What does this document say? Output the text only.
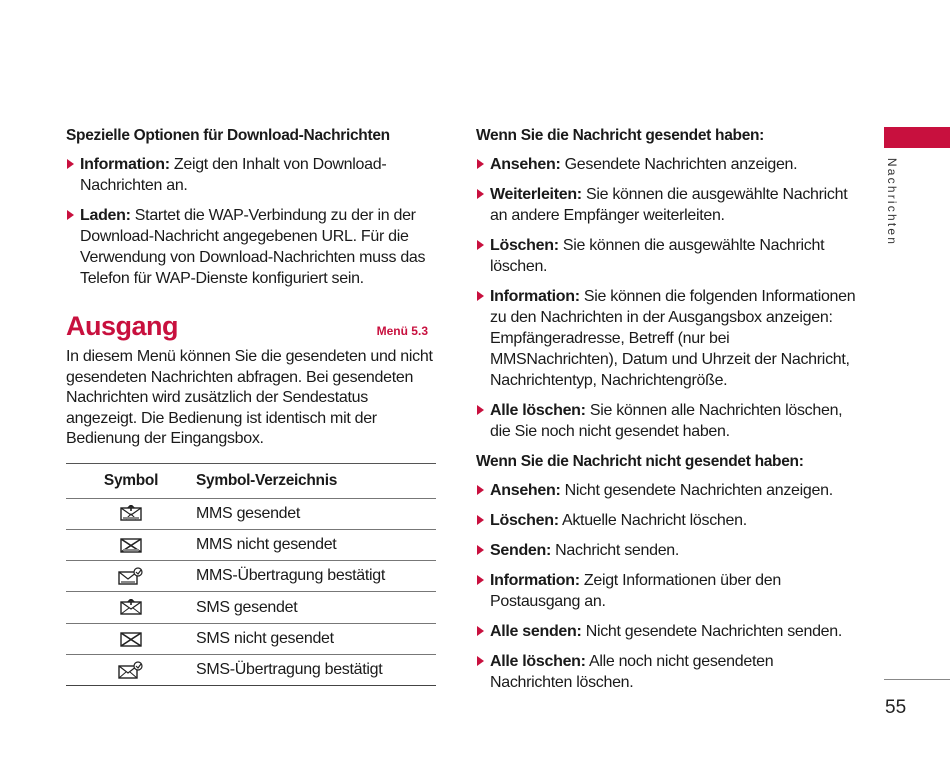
Spezielle Optionen für Download-Nachrichten
Information: Zeigt den Inhalt von Download-Nachrichten an.
Laden: Startet die WAP-Verbindung zu der in der Download-Nachricht angegebenen URL. Für die Verwendung von Download-Nachrichten muss das Telefon für WAP-Dienste konfiguriert sein.
Ausgang	Menü 5.3
In diesem Menü können Sie die gesendeten und nicht gesendeten Nachrichten abfragen. Bei gesendeten Nachrichten wird zusätzlich der Sendestatus angezeigt. Die Bedienung ist identisch mit der Bedienung der Eingangsbox.
Symbol	Symbol-Verzeichnis
	MMS gesendet
	MMS nicht gesendet
	MMS-Übertragung bestätigt
	SMS gesendet
	SMS nicht gesendet
	SMS-Übertragung bestätigt
Wenn Sie die Nachricht gesendet haben:
Ansehen: Gesendete Nachrichten anzeigen.
Weiterleiten: Sie können die ausgewählte Nachricht an andere Empfänger weiterleiten.
Löschen: Sie können die ausgewählte Nachricht löschen.
Information: Sie können die folgenden Informationen zu den Nachrichten in der Ausgangsbox anzeigen: Empfängeradresse, Betreff (nur bei MMSNachrichten), Datum und Uhrzeit der Nachricht, Nachrichtentyp, Nachrichtengröße.
Alle löschen: Sie können alle Nachrichten löschen, die Sie noch nicht gesendet haben.
Wenn Sie die Nachricht nicht gesendet haben:
Ansehen: Nicht gesendete Nachrichten anzeigen.
Löschen: Aktuelle Nachricht löschen.
Senden: Nachricht senden.
Information: Zeigt Informationen über den Postausgang an.
Alle senden: Nicht gesendete Nachrichten senden.
Alle löschen: Alle noch nicht gesendeten Nachrichten löschen.
Nachrichten
55
